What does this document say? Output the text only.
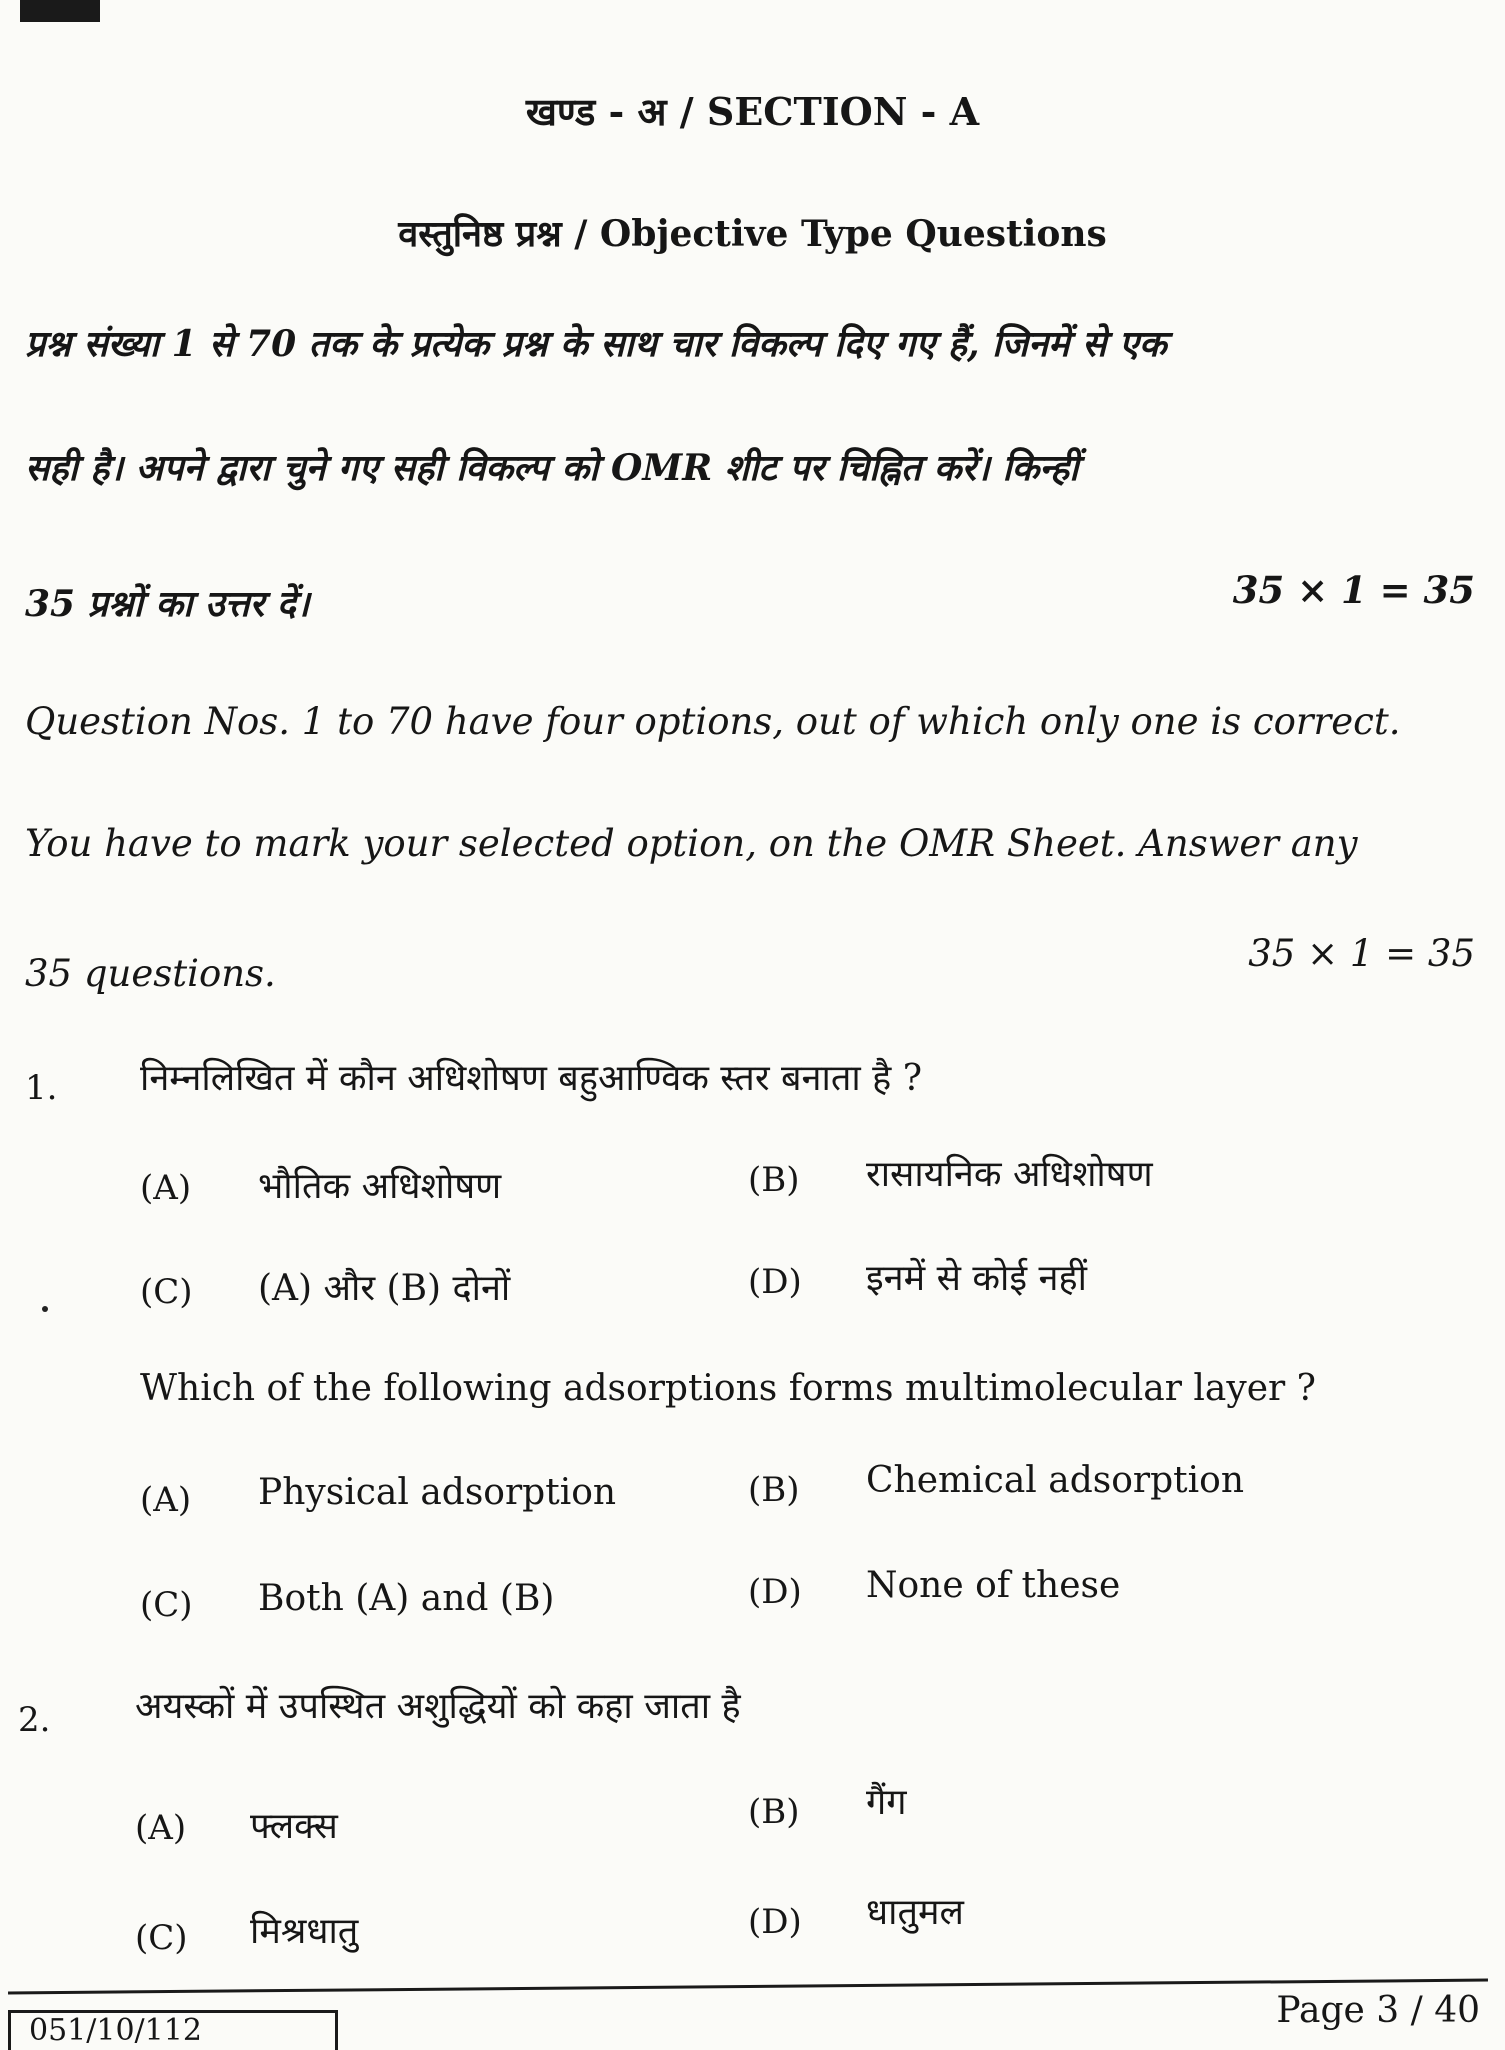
खण्ड - अ / SECTION - A
वस्तुनिष्ठ प्रश्न / Objective Type Questions
प्रश्न संख्या 1 से 70 तक के प्रत्येक प्रश्न के साथ चार विकल्प दिए गए हैं, जिनमें से एक
सही है। अपने द्वारा चुने गए सही विकल्प को OMR शीट पर चिह्नित करें। किन्हीं
35 प्रश्नों का उत्तर दें।	35 × 1 = 35
Question Nos. 1 to 70 have four options, out of which only one is correct.
You have to mark your selected option, on the OMR Sheet. Answer any
35 questions.	35 × 1 = 35
1. निम्नलिखित में कौन अधिशोषण बहुआण्विक स्तर बनाता है ?
(A) भौतिक अधिशोषण	(B) रासायनिक अधिशोषण
(C) (A) और (B) दोनों	(D) इनमें से कोई नहीं
Which of the following adsorptions forms multimolecular layer ?
(A) Physical adsorption	(B) Chemical adsorption
(C) Both (A) and (B)	(D) None of these
2. अयस्कों में उपस्थित अशुद्धियों को कहा जाता है
(A) फ्लक्स	(B) गैंग
(C) मिश्रधातु	(D) धातुमल
051/10/112	Page 3 / 40
